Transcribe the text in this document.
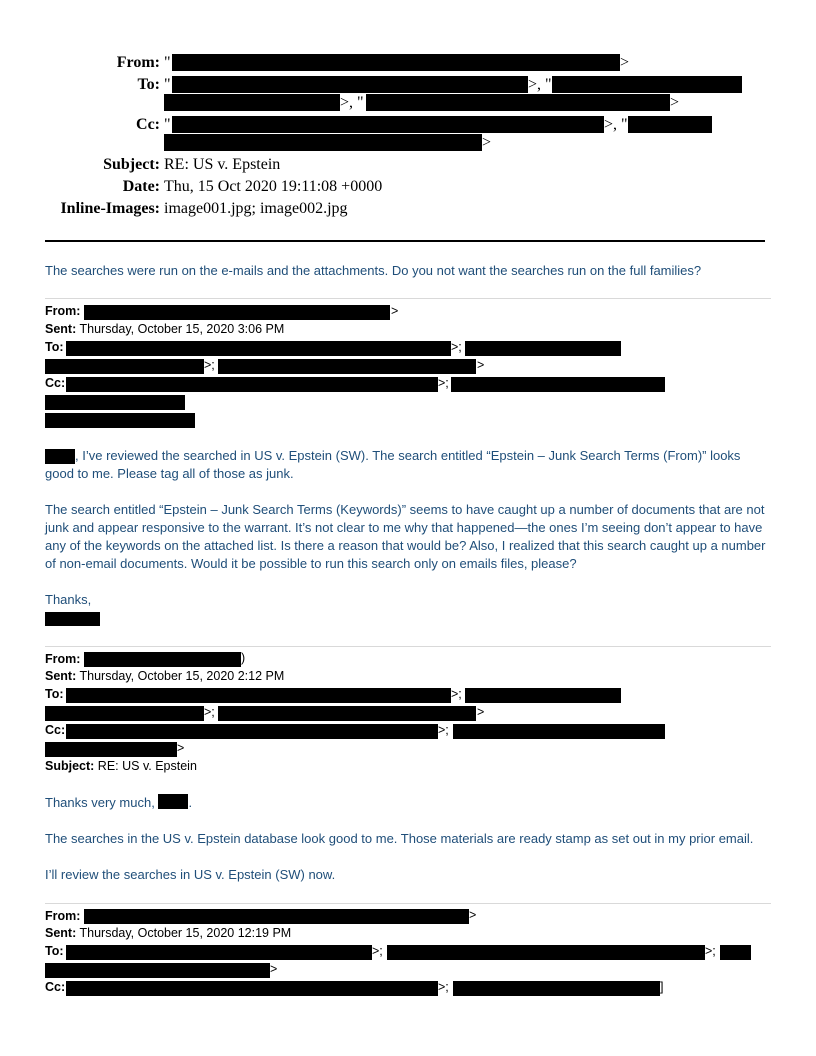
From: "	>
To: "	>, "
>, "	>
Cc: "	>, "
>
Subject: RE: US v. Epstein
Date: Thu, 15 Oct 2020 19:11:08 +0000
Inline-Images: image001.jpg; image002.jpg
The searches were run on the e-mails and the attachments. Do you not want the searches run on the full families?
From:	>
Sent: Thursday, October 15, 2020 3:06 PM
To:	>;
>;	>
Cc:	>;
, I’ve reviewed the searched in US v. Epstein (SW). The search entitled “Epstein – Junk Search Terms (From)” looks good to me. Please tag all of those as junk.
The search entitled “Epstein – Junk Search Terms (Keywords)” seems to have caught up a number of documents that are not junk and appear responsive to the warrant. It’s not clear to me why that happened—the ones I’m seeing don’t appear to have any of the keywords on the attached list. Is there a reason that would be? Also, I realized that this search caught up a number of non-email documents. Would it be possible to run this search only on emails files, please?
Thanks,
From:	)
Sent: Thursday, October 15, 2020 2:12 PM
To:	>;
>;	>
Cc:	>;
>
Subject: RE: US v. Epstein
Thanks very much,	.
The searches in the US v. Epstein database look good to me. Those materials are ready stamp as set out in my prior email.
I’ll review the searches in US v. Epstein (SW) now.
From:	>
Sent: Thursday, October 15, 2020 12:19 PM
To:	>;	>;
>
Cc:	>;	]
